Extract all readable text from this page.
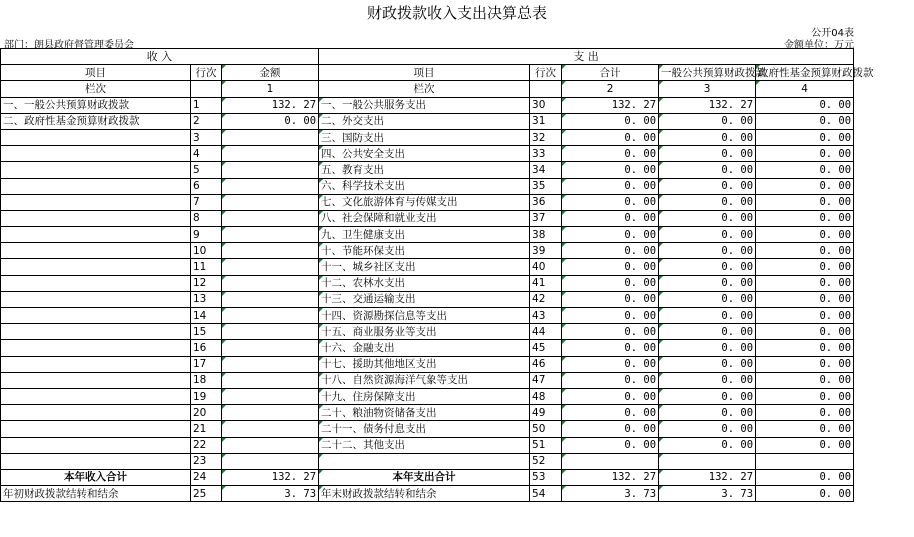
财政拨款收入支出决算总表
公开04表
部门：朗县政府督管理委员会	金额单位：万元
收 入			支 出				
项目	行次	金额	项目	行次	合计	一般公共预算财政拨款	政府性基金预算财政拨款
栏次		1	栏次		2	3	4
一、一般公共预算财政拨款	1	132. 27	一、一般公共服务支出	30	132. 27	132. 27	0. 00
二、政府性基金预算财政拨款	2	0. 00	二、外交支出	31	0. 00	0. 00	0. 00
	3		三、国防支出	32	0. 00	0. 00	0. 00
	4		四、公共安全支出	33	0. 00	0. 00	0. 00
	5		五、教育支出	34	0. 00	0. 00	0. 00
	6		六、科学技术支出	35	0. 00	0. 00	0. 00
	7		七、文化旅游体育与传媒支出	36	0. 00	0. 00	0. 00
	8		八、社会保障和就业支出	37	0. 00	0. 00	0. 00
	9		九、卫生健康支出	38	0. 00	0. 00	0. 00
	10		十、节能环保支出	39	0. 00	0. 00	0. 00
	11		十一、城乡社区支出	40	0. 00	0. 00	0. 00
	12		十二、农林水支出	41	0. 00	0. 00	0. 00
	13		十三、交通运输支出	42	0. 00	0. 00	0. 00
	14		十四、资源勘探信息等支出	43	0. 00	0. 00	0. 00
	15		十五、商业服务业等支出	44	0. 00	0. 00	0. 00
	16		十六、金融支出	45	0. 00	0. 00	0. 00
	17		十七、援助其他地区支出	46	0. 00	0. 00	0. 00
	18		十八、自然资源海洋气象等支出	47	0. 00	0. 00	0. 00
	19		十九、住房保障支出	48	0. 00	0. 00	0. 00
	20		二十、粮油物资储备支出	49	0. 00	0. 00	0. 00
	21		二十一、债务付息支出	50	0. 00	0. 00	0. 00
	22		二十二、其他支出	51	0. 00	0. 00	0. 00
	23			52			
本年收入合计	24	132. 27	本年支出合计	53	132. 27	132. 27	0. 00
年初财政拨款结转和结余	25	3. 73	年末财政拨款结转和结余	54	3. 73	3. 73	0. 00
